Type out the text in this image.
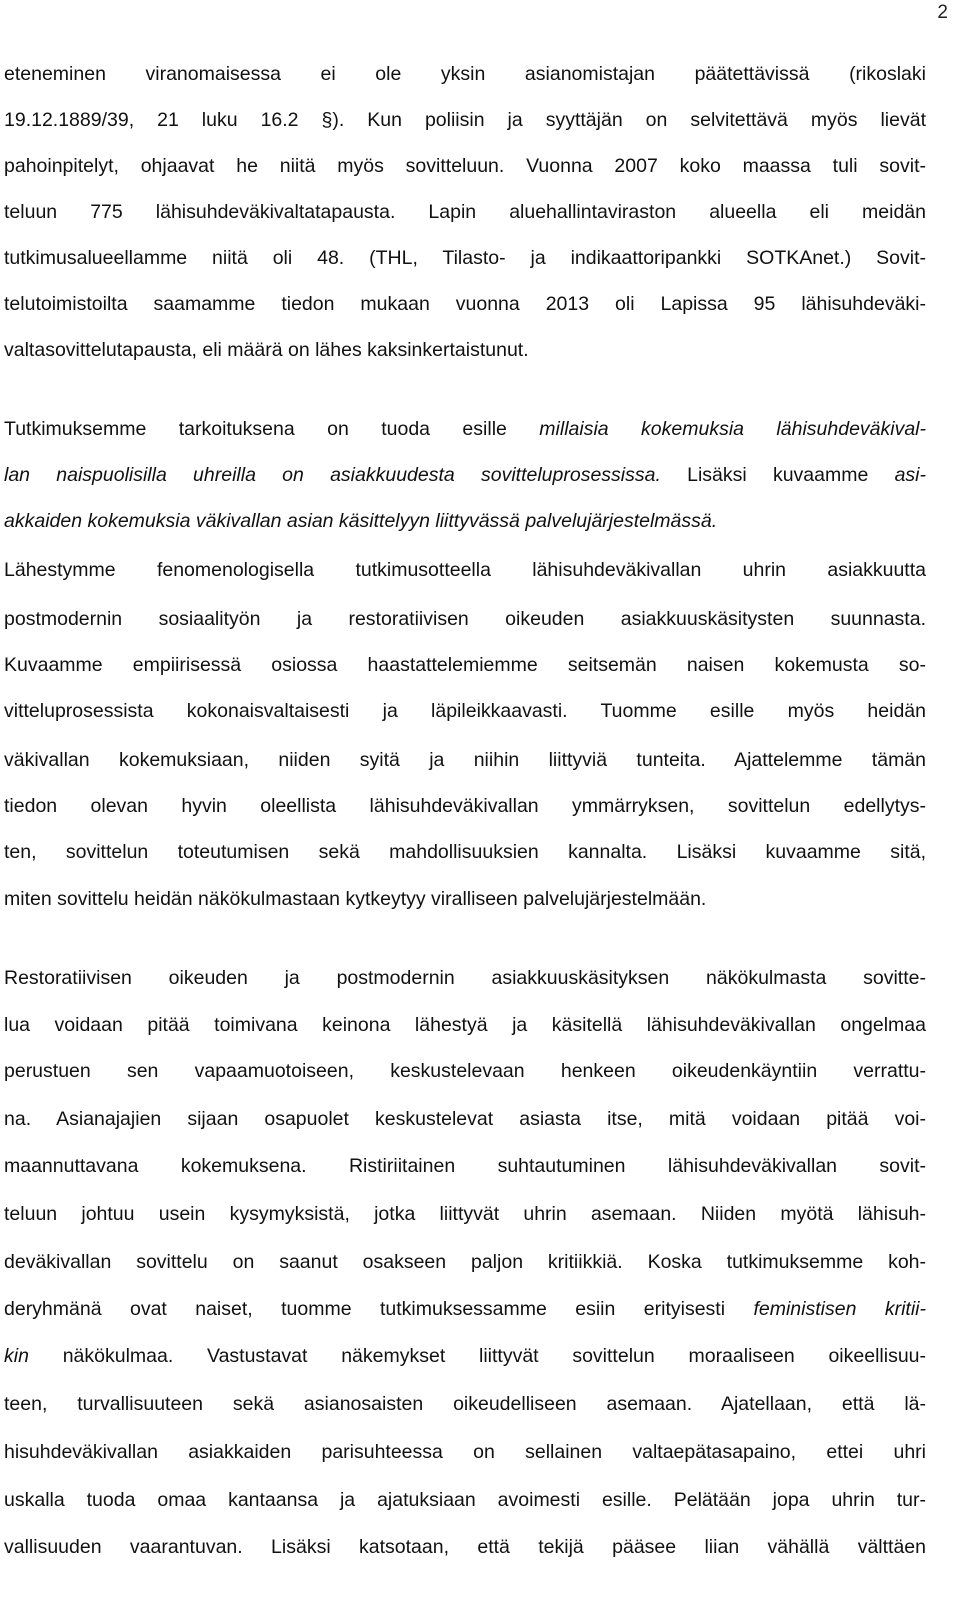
2
eteneminen viranomaisessa ei ole yksin asianomistajan päätettävissä (rikoslaki
19.12.1889/39, 21 luku 16.2 §). Kun poliisin ja syyttäjän on selvitettävä myös lievät
pahoinpitelyt, ohjaavat he niitä myös sovitteluun. Vuonna 2007 koko maassa tuli sovit-
teluun 775 lähisuhdeväkivaltatapausta. Lapin aluehallintaviraston alueella eli meidän
tutkimusalueellamme niitä oli 48. (THL, Tilasto- ja indikaattoripankki SOTKAnet.) Sovit-
telutoimistoilta saamamme tiedon mukaan vuonna 2013 oli Lapissa 95 lähisuhdeväki-
valtasovittelutapausta, eli määrä on lähes kaksinkertaistunut.
Tutkimuksemme tarkoituksena on tuoda esille millaisia kokemuksia lähisuhdeväkival-
lan naispuolisilla uhreilla on asiakkuudesta sovitteluprosessissa. Lisäksi kuvaamme asi-
akkaiden kokemuksia väkivallan asian käsittelyyn liittyvässä palvelujärjestelmässä.
Lähestymme fenomenologisella tutkimusotteella lähisuhdeväkivallan uhrin asiakkuutta
postmodernin sosiaalityön ja restoratiivisen oikeuden asiakkuuskäsitysten suunnasta.
Kuvaamme empiirisessä osiossa haastattelemiemme seitsemän naisen kokemusta so-
vitteluprosessista kokonaisvaltaisesti ja läpileikkaavasti. Tuomme esille myös heidän
väkivallan kokemuksiaan, niiden syitä ja niihin liittyviä tunteita. Ajattelemme tämän
tiedon olevan hyvin oleellista lähisuhdeväkivallan ymmärryksen, sovittelun edellytys-
ten, sovittelun toteutumisen sekä mahdollisuuksien kannalta. Lisäksi kuvaamme sitä,
miten sovittelu heidän näkökulmastaan kytkeytyy viralliseen palvelujärjestelmään.
Restoratiivisen oikeuden ja postmodernin asiakkuuskäsityksen näkökulmasta sovitte-
lua voidaan pitää toimivana keinona lähestyä ja käsitellä lähisuhdeväkivallan ongelmaa
perustuen sen vapaamuotoiseen, keskustelevaan henkeen oikeudenkäyntiin verrattu-
na. Asianajajien sijaan osapuolet keskustelevat asiasta itse, mitä voidaan pitää voi-
maannuttavana kokemuksena. Ristiriitainen suhtautuminen lähisuhdeväkivallan sovit-
teluun johtuu usein kysymyksistä, jotka liittyvät uhrin asemaan. Niiden myötä lähisuh-
deväkivallan sovittelu on saanut osakseen paljon kritiikkiä. Koska tutkimuksemme koh-
deryhmänä ovat naiset, tuomme tutkimuksessamme esiin erityisesti feministisen kritii-
kin näkökulmaa. Vastustavat näkemykset liittyvät sovittelun moraaliseen oikeellisuu-
teen, turvallisuuteen sekä asianosaisten oikeudelliseen asemaan. Ajatellaan, että lä-
hisuhdeväkivallan asiakkaiden parisuhteessa on sellainen valtaepätasapaino, ettei uhri
uskalla tuoda omaa kantaansa ja ajatuksiaan avoimesti esille. Pelätään jopa uhrin tur-
vallisuuden vaarantuvan. Lisäksi katsotaan, että tekijä pääsee liian vähällä välttäen
